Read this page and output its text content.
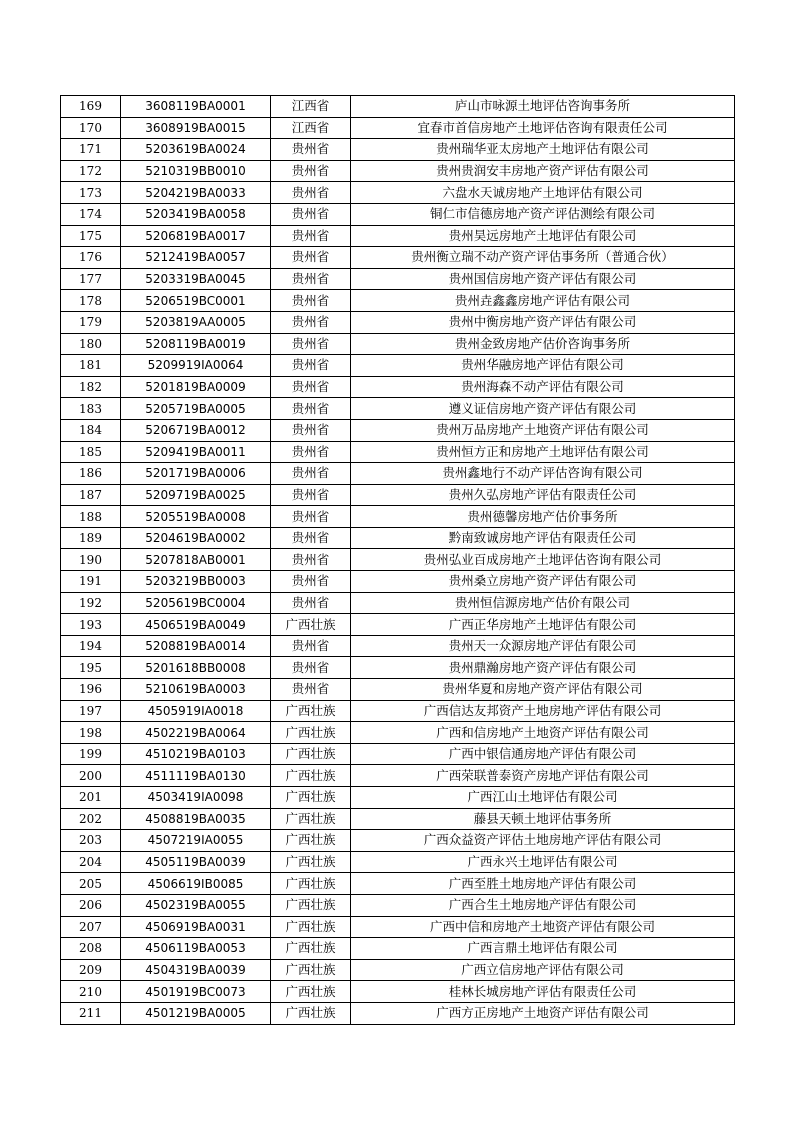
169	3608119BA0001	江西省	庐山市咏源土地评估咨询事务所
170	3608919BA0015	江西省	宜春市首信房地产土地评估咨询有限责任公司
171	5203619BA0024	贵州省	贵州瑞华亚太房地产土地评估有限公司
172	5210319BB0010	贵州省	贵州贵润安丰房地产资产评估有限公司
173	5204219BA0033	贵州省	六盘水天诚房地产土地评估有限公司
174	5203419BA0058	贵州省	铜仁市信德房地产资产评估测绘有限公司
175	5206819BA0017	贵州省	贵州昊远房地产土地评估有限公司
176	5212419BA0057	贵州省	贵州衡立瑞不动产资产评估事务所（普通合伙）
177	5203319BA0045	贵州省	贵州国信房地产资产评估有限公司
178	5206519BC0001	贵州省	贵州垚鑫鑫房地产评估有限公司
179	5203819AA0005	贵州省	贵州中衡房地产资产评估有限公司
180	5208119BA0019	贵州省	贵州金致房地产估价咨询事务所
181	5209919IA0064	贵州省	贵州华融房地产评估有限公司
182	5201819BA0009	贵州省	贵州海森不动产评估有限公司
183	5205719BA0005	贵州省	遵义证信房地产资产评估有限公司
184	5206719BA0012	贵州省	贵州万品房地产土地资产评估有限公司
185	5209419BA0011	贵州省	贵州恒方正和房地产土地评估有限公司
186	5201719BA0006	贵州省	贵州鑫地行不动产评估咨询有限公司
187	5209719BA0025	贵州省	贵州久弘房地产评估有限责任公司
188	5205519BA0008	贵州省	贵州德馨房地产估价事务所
189	5204619BA0002	贵州省	黔南致诚房地产评估有限责任公司
190	5207818AB0001	贵州省	贵州弘业百成房地产土地评估咨询有限公司
191	5203219BB0003	贵州省	贵州桑立房地产资产评估有限公司
192	5205619BC0004	贵州省	贵州恒信源房地产估价有限公司
193	4506519BA0049	广西壮族	广西正华房地产土地评估有限公司
194	5208819BA0014	贵州省	贵州天一众源房地产评估有限公司
195	5201618BB0008	贵州省	贵州鼎瀚房地产资产评估有限公司
196	5210619BA0003	贵州省	贵州华夏和房地产资产评估有限公司
197	4505919IA0018	广西壮族	广西信达友邦资产土地房地产评估有限公司
198	4502219BA0064	广西壮族	广西和信房地产土地资产评估有限公司
199	4510219BA0103	广西壮族	广西中银信通房地产评估有限公司
200	4511119BA0130	广西壮族	广西荣联普泰资产房地产评估有限公司
201	4503419IA0098	广西壮族	广西江山土地评估有限公司
202	4508819BA0035	广西壮族	藤县天顿土地评估事务所
203	4507219IA0055	广西壮族	广西众益资产评估土地房地产评估有限公司
204	4505119BA0039	广西壮族	广西永兴土地评估有限公司
205	4506619IB0085	广西壮族	广西至胜土地房地产评估有限公司
206	4502319BA0055	广西壮族	广西合生土地房地产评估有限公司
207	4506919BA0031	广西壮族	广西中信和房地产土地资产评估有限公司
208	4506119BA0053	广西壮族	广西言鼎土地评估有限公司
209	4504319BA0039	广西壮族	广西立信房地产评估有限公司
210	4501919BC0073	广西壮族	桂林长城房地产评估有限责任公司
211	4501219BA0005	广西壮族	广西方正房地产土地资产评估有限公司
